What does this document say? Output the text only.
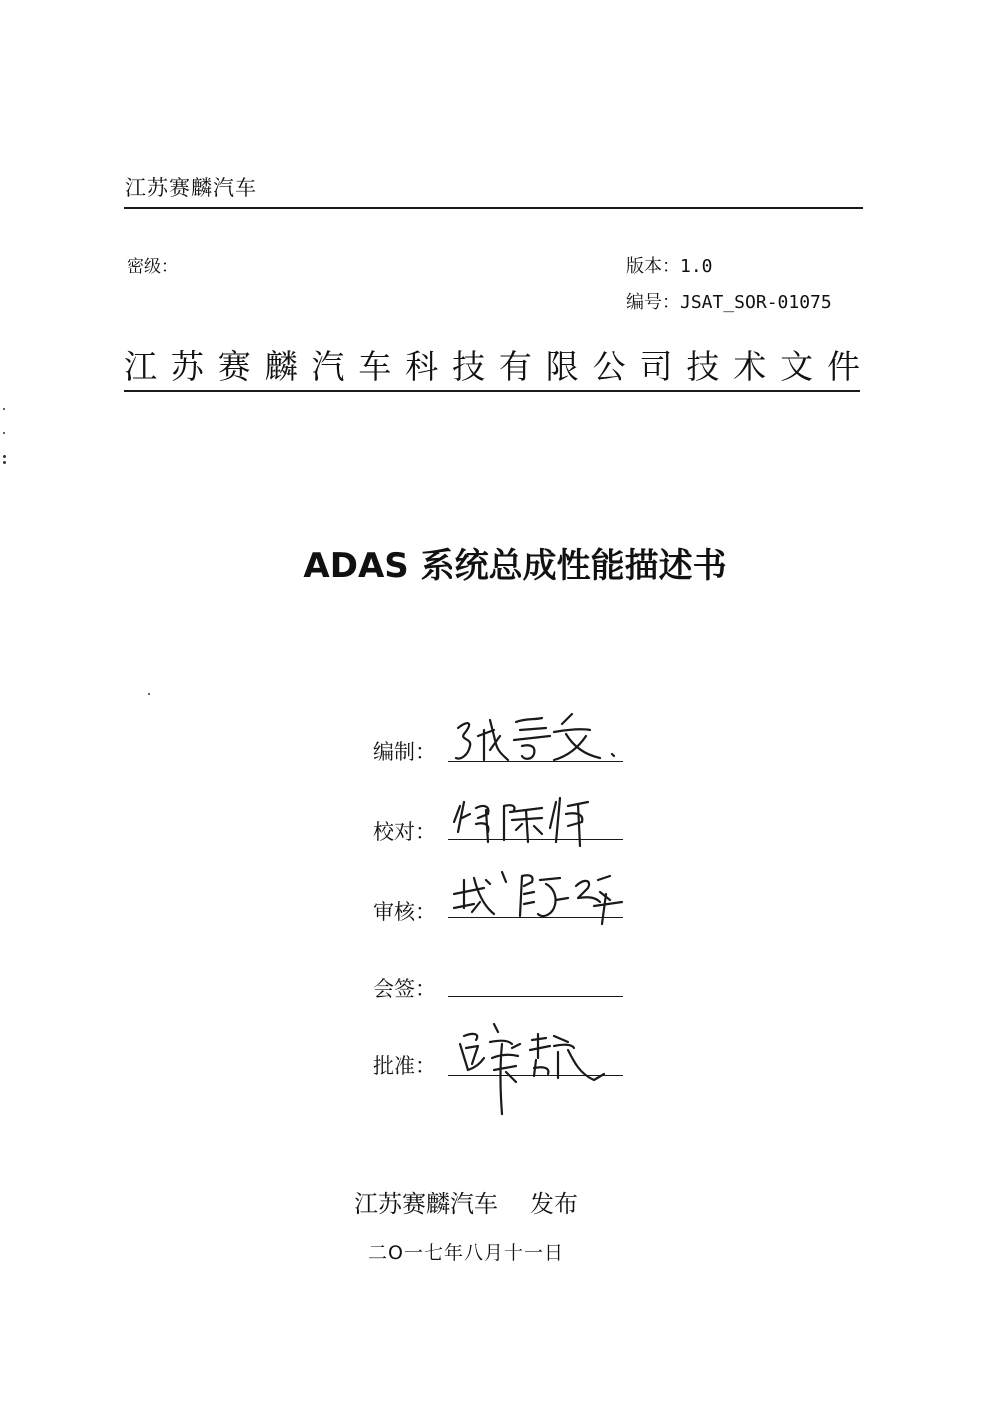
江苏赛麟汽车
密级：	版本：1.0
编号：JSAT_SOR-01075
江苏赛麟汽车科技有限公司技术文件
ADAS 系统总成性能描述书
编制：
校对：
审核：
会签：
批准：
江苏赛麟汽车 发布
二O一七年八月十一日
